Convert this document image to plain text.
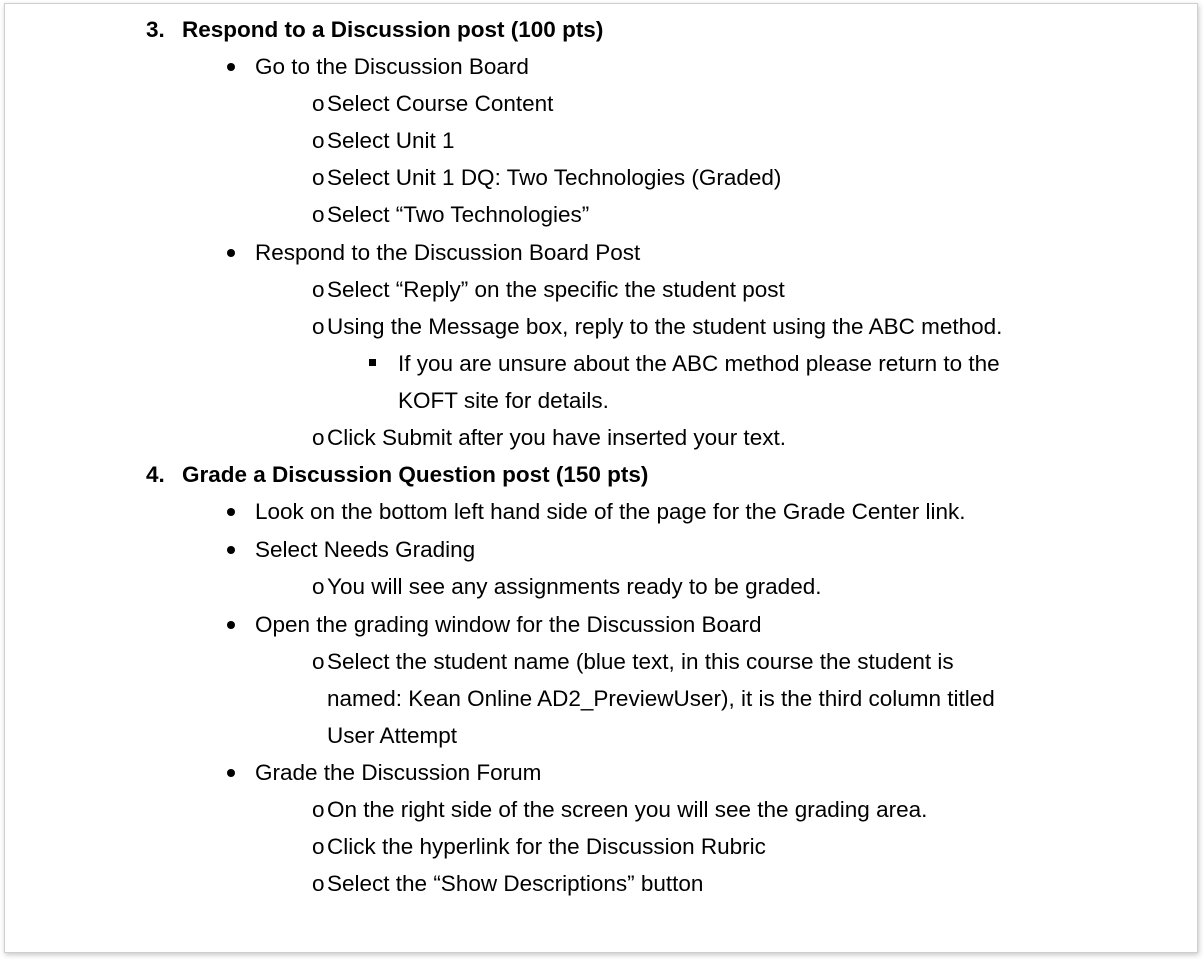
3. Respond to a Discussion post (100 pts)
Go to the Discussion Board
o Select Course Content
o Select Unit 1
o Select Unit 1 DQ: Two Technologies (Graded)
o Select “Two Technologies”
Respond to the Discussion Board Post
o Select “Reply” on the specific the student post
o Using the Message box, reply to the student using the ABC method.
If you are unsure about the ABC method please return to the
KOFT site for details.
o Click Submit after you have inserted your text.
4. Grade a Discussion Question post (150 pts)
Look on the bottom left hand side of the page for the Grade Center link.
Select Needs Grading
o You will see any assignments ready to be graded.
Open the grading window for the Discussion Board
o Select the student name (blue text, in this course the student is
named: Kean Online AD2_PreviewUser), it is the third column titled
User Attempt
Grade the Discussion Forum
o On the right side of the screen you will see the grading area.
o Click the hyperlink for the Discussion Rubric
o Select the “Show Descriptions” button
